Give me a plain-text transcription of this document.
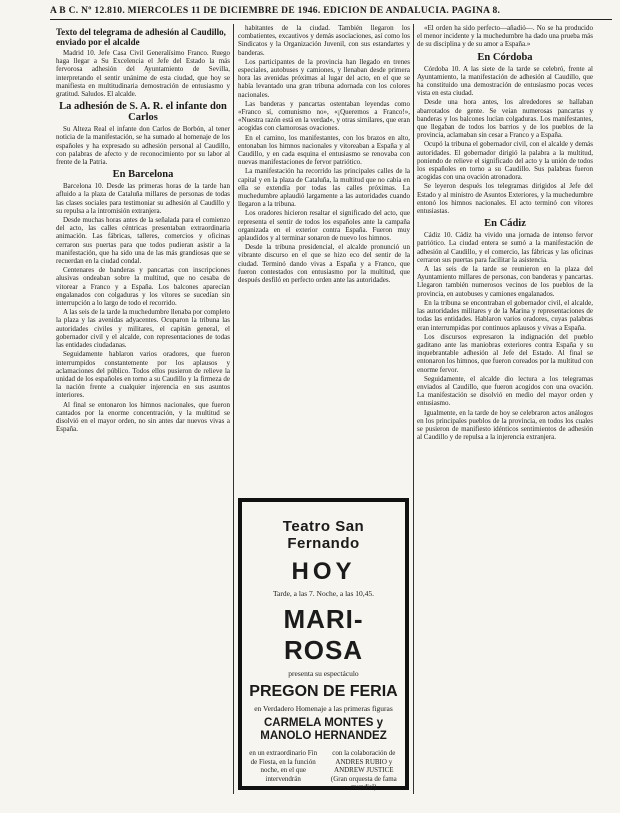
A B C. Nº 12.810. MIERCOLES 11 DE DICIEMBRE DE 1946. EDICION DE ANDALUCIA. PAGINA 8.
Texto del telegrama de adhesión al Caudillo, enviado por el alcalde

Madrid 10. Jefe Casa Civil Generalísimo Franco. Ruego haga llegar a Su Excelencia el Jefe del Estado la más fervorosa adhesión del Ayuntamiento de Sevilla, interpretando el sentir unánime de esta ciudad, que hoy se manifiesta en multitudinaria demostración de entusiasmo y gratitud. Saludos. El alcalde.

La adhesión de S. A. R. el infante don Carlos

Su Alteza Real el infante don Carlos de Borbón, al tener noticia de la manifestación, se ha sumado al homenaje de los españoles y ha expresado su adhesión personal al Caudillo, con palabras de afecto y de reconocimiento por su labor al frente de la Patria.

En Barcelona

Barcelona 10. Desde las primeras horas de la tarde han afluido a la plaza de Cataluña millares de personas de todas las clases sociales para testimoniar su adhesión al Caudillo y su repulsa a la intromisión extranjera.

Desde muchas horas antes de la señalada para el comienzo del acto, las calles céntricas presentaban extraordinaria animación. Las fábricas, talleres, comercios y oficinas cerraron sus puertas para que todos pudieran asistir a la manifestación, que ha sido una de las más grandiosas que se recuerdan en la ciudad condal.

Centenares de banderas y pancartas con inscripciones alusivas ondeaban sobre la multitud, que no cesaba de vitorear a Franco y a España. Los balcones aparecían engalanados con colgaduras y los vítores se sucedían sin interrupción a lo largo de todo el recorrido.

A las seis de la tarde la muchedumbre llenaba por completo la plaza y las avenidas adyacentes. Ocuparon la tribuna las autoridades civiles y militares, el capitán general, el gobernador civil y el alcalde, con representaciones de todas las entidades ciudadanas.

Seguidamente hablaron varios oradores, que fueron interrumpidos constantemente por los aplausos y aclamaciones del público. Todos ellos pusieron de relieve la unidad de los españoles en torno a su Caudillo y la firmeza de la nación frente a cualquier injerencia en sus asuntos interiores.

Al final se entonaron los himnos nacionales, que fueron cantados por la enorme concentración, y la multitud se disolvió en el mayor orden, no sin antes dar nuevos vivas a España.

habitantes de la ciudad. También llegaron los combatientes, excautivos y demás asociaciones, así como los Sindicatos y la Organización Juvenil, con sus estandartes y banderas.

Los participantes de la provincia han llegado en trenes especiales, autobuses y camiones, y llenaban desde primera hora las avenidas próximas al lugar del acto, en el que se había levantado una gran tribuna adornada con los colores nacionales.

Las banderas y pancartas ostentaban leyendas como «Franco sí, comunismo no», «¡Queremos a Franco!», «Nuestra razón está en la verdad», y otras similares, que eran acogidas con clamorosas ovaciones.

En el camino, los manifestantes, con los brazos en alto, entonaban los himnos nacionales y vitoreaban a España y al Caudillo, y en cada esquina el entusiasmo se renovaba con nuevas manifestaciones de fervor patriótico.

La manifestación ha recorrido las principales calles de la capital y en la plaza de Cataluña, la multitud que no cabía en ella se extendía por todas las calles próximas. La muchedumbre aplaudió largamente a las autoridades cuando llegaron a la tribuna.

Los oradores hicieron resaltar el significado del acto, que representa el sentir de todos los españoles ante la campaña organizada en el exterior contra España. Fueron muy aplaudidos y al terminar sonaron de nuevo los himnos.

Desde la tribuna presidencial, el alcalde pronunció un vibrante discurso en el que se hizo eco del sentir de la ciudad. Terminó dando vivas a España y a Franco, que fueron contestados con entusiasmo por la multitud, que después desfiló en perfecto orden ante las autoridades.

Teatro San Fernando
HOY
Tarde, a las 7. Noche, a las 10,45.
MARI-ROSA
presenta su espectáculo
PREGON DE FERIA
en Verdadero Homenaje a las primeras figuras
CARMELA MONTES y MANOLO HERNANDEZ
en un extraordinario Fin de Fiesta, en la función noche, en el que intervendrán
con la colaboración de ANDRES RUBIO y ANDREW JUSTICE (Gran orquesta de fama mundial)

«El orden ha sido perfecto—añadió—. No se ha producido el menor incidente y la muchedumbre ha dado una prueba más de su disciplina y de su amor a España.»

En Córdoba

Córdoba 10. A las siete de la tarde se celebró, frente al Ayuntamiento, la manifestación de adhesión al Caudillo, que ha constituido una demostración de entusiasmo pocas veces vista en esta ciudad.

Desde una hora antes, los alrededores se hallaban abarrotados de gente. Se veían numerosas pancartas y banderas y los balcones lucían colgaduras. Los manifestantes, que llegaban de todos los barrios y de los pueblos de la provincia, aclamaban sin cesar a Franco y a España.

Ocupó la tribuna el gobernador civil, con el alcalde y demás autoridades. El gobernador dirigió la palabra a la multitud, poniendo de relieve el significado del acto y la unión de todos los españoles en torno a su Caudillo. Sus palabras fueron acogidas con una ovación atronadora.

Se leyeron después los telegramas dirigidos al Jefe del Estado y al ministro de Asuntos Exteriores, y la muchedumbre entonó los himnos nacionales. El acto terminó con vítores entusiastas.

En Cádiz

Cádiz 10. Cádiz ha vivido una jornada de intenso fervor patriótico. La ciudad entera se sumó a la manifestación de adhesión al Caudillo, y el comercio, las fábricas y las oficinas cerraron sus puertas para facilitar la asistencia.

A las seis de la tarde se reunieron en la plaza del Ayuntamiento millares de personas, con banderas y pancartas. Llegaron también numerosos vecinos de los pueblos de la provincia, en autobuses y camiones engalanados.

En la tribuna se encontraban el gobernador civil, el alcalde, las autoridades militares y de la Marina y representaciones de todas las entidades. Hablaron varios oradores, cuyas palabras eran interrumpidas por continuos aplausos y vivas a España.

Los discursos expresaron la indignación del pueblo gaditano ante las maniobras exteriores contra España y su inquebrantable adhesión al Jefe del Estado. Al final se entonaron los himnos, que fueron coreados por la multitud con enorme fervor.

Seguidamente, el alcalde dio lectura a los telegramas enviados al Caudillo, que fueron acogidos con una ovación. La manifestación se disolvió en medio del mayor orden y entusiasmo.

Igualmente, en la tarde de hoy se celebraron actos análogos en los principales pueblos de la provincia, en todos los cuales se pusieron de manifiesto idénticos sentimientos de adhesión al Caudillo y de repulsa a la injerencia extranjera.
